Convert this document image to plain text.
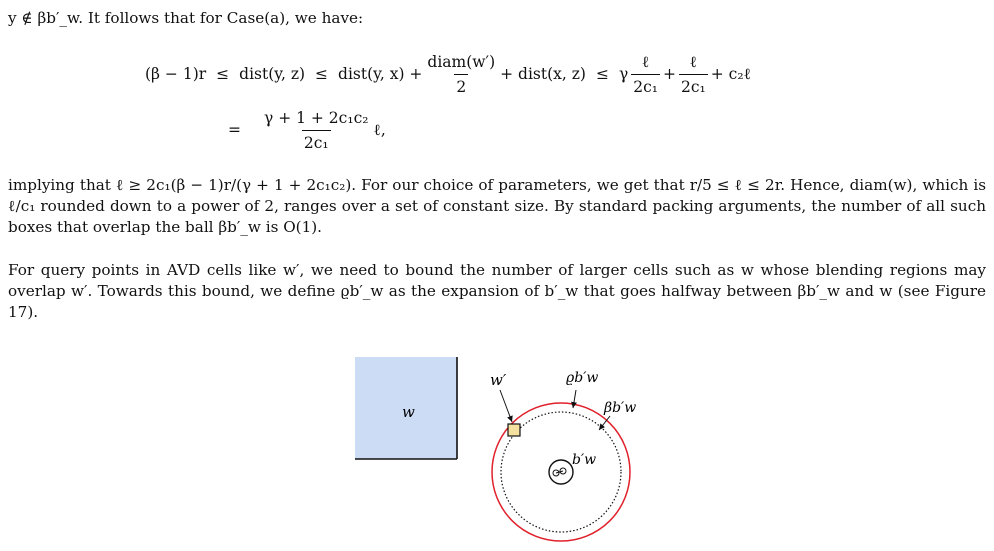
y ∉ βb′_w. It follows that for Case(a), we have:
(β − 1)r ≤ dist(y, z) ≤ dist(y, $x) + \frac{\text{diam(w′)}}{2}$ + dist(x, z) ≤ γ $\frac{\text{ℓ}}{\text{2c₁}} + \frac{\text{ℓ}}{\text{2c₁}}$ + c₂ℓ
= $\frac{\text{γ + 1 + 2c₁c₂}}{\text{2c₁}}$ ℓ,
implying that ℓ ≥ 2c₁(β − 1)r/(γ + 1 + 2c₁c₂). For our choice of parameters, we get that r/5 ≤ ℓ ≤ 2r. Hence, diam(w), which is ℓ/c₁ rounded down to a power of 2, ranges over a set of constant size. By standard packing arguments, the number of all such boxes that overlap the ball βb′_w is O(1).
For query points in AVD cells like w′, we need to bound the number of larger cells such as w whose blending regions may overlap w′. Towards this bound, we define ϱb′_w as the expansion of b′_w that goes halfway between βb′_w and w (see Figure 17).
w
w′	ϱb′w
βb′w
b′w
